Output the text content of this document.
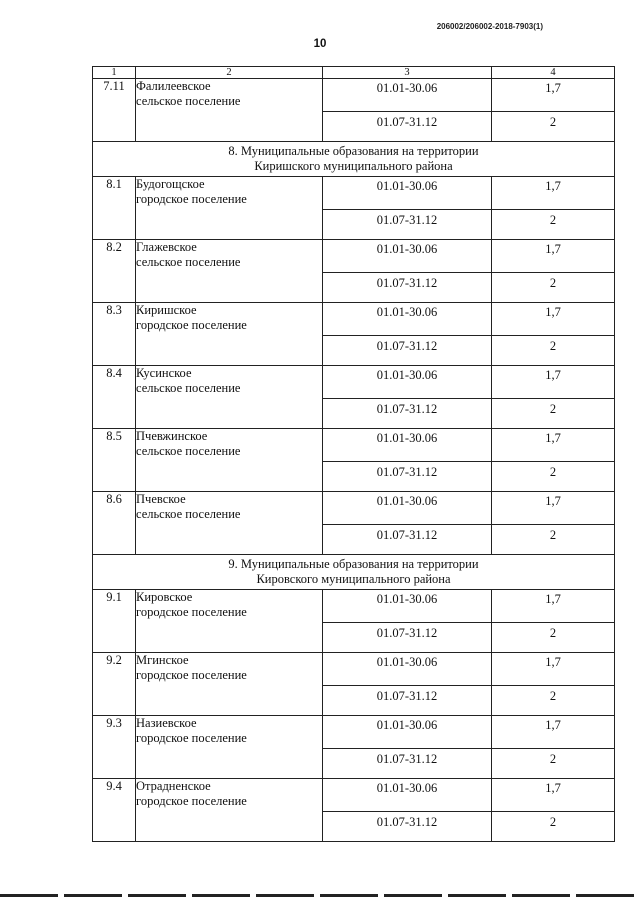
206002/206002-2018-7903(1)
10
1	2	3	4
7.11	Фалилеевское
сельское поселение	01.01-30.06	1,7
		01.07-31.12	2

8. Муниципальные образования на территории
Киришского муниципального района			

8.1	Будогощское
городское поселение	01.01-30.06	1,7
		01.07-31.12	2
8.2	Глажевское
сельское поселение	01.01-30.06	1,7
		01.07-31.12	2
8.3	Киришское
городское поселение	01.01-30.06	1,7
		01.07-31.12	2
8.4	Кусинское
сельское поселение	01.01-30.06	1,7
		01.07-31.12	2
8.5	Пчевжинское
сельское поселение	01.01-30.06	1,7
		01.07-31.12	2
8.6	Пчевское
сельское поселение	01.01-30.06	1,7
		01.07-31.12	2

9. Муниципальные образования на территории
Кировского муниципального района			

9.1	Кировское
городское поселение	01.01-30.06	1,7
		01.07-31.12	2
9.2	Мгинское
городское поселение	01.01-30.06	1,7
		01.07-31.12	2
9.3	Назиевское
городское поселение	01.01-30.06	1,7
		01.07-31.12	2
9.4	Отрадненское
городское поселение	01.01-30.06	1,7
		01.07-31.12	2
